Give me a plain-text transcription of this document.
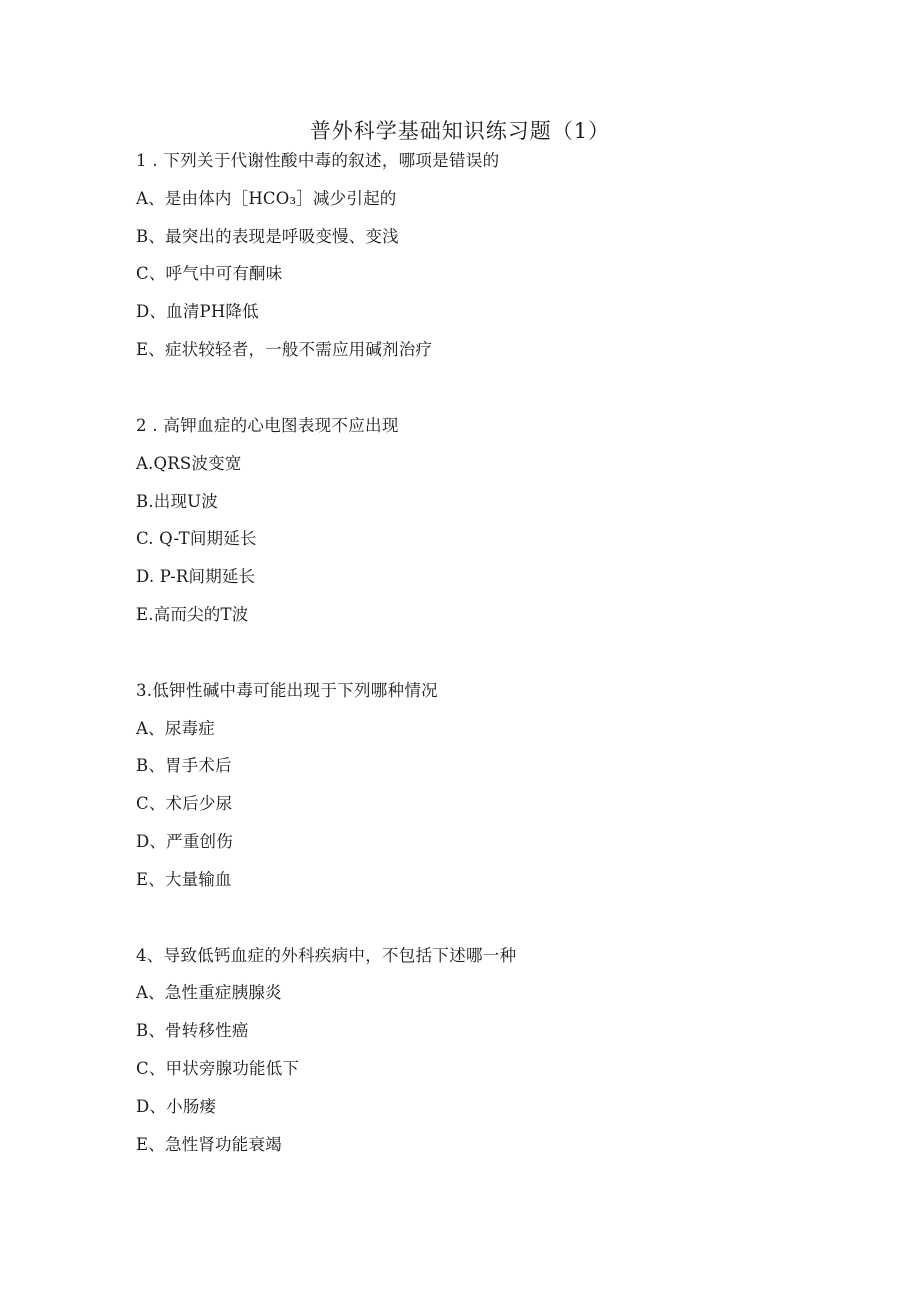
普外科学基础知识练习题（1）
1 . 下列关于代谢性酸中毒的叙述，哪项是错误的
A、是由体内［HCO₃］减少引起的
B、最突出的表现是呼吸变慢、变浅
C、呼气中可有酮味
D、血清PH降低
E、症状较轻者，一般不需应用碱剂治疗
2 . 高钾血症的心电图表现不应出现
A.QRS波变宽
B.出现U波
C. Q-T间期延长
D. P-R间期延长
E.高而尖的T波
3.低钾性碱中毒可能出现于下列哪种情况
A、尿毒症
B、胃手术后
C、术后少尿
D、严重创伤
E、大量输血
4、导致低钙血症的外科疾病中，不包括下述哪一种
A、急性重症胰腺炎
B、骨转移性癌
C、甲状旁腺功能低下
D、小肠瘘
E、急性肾功能衰竭
